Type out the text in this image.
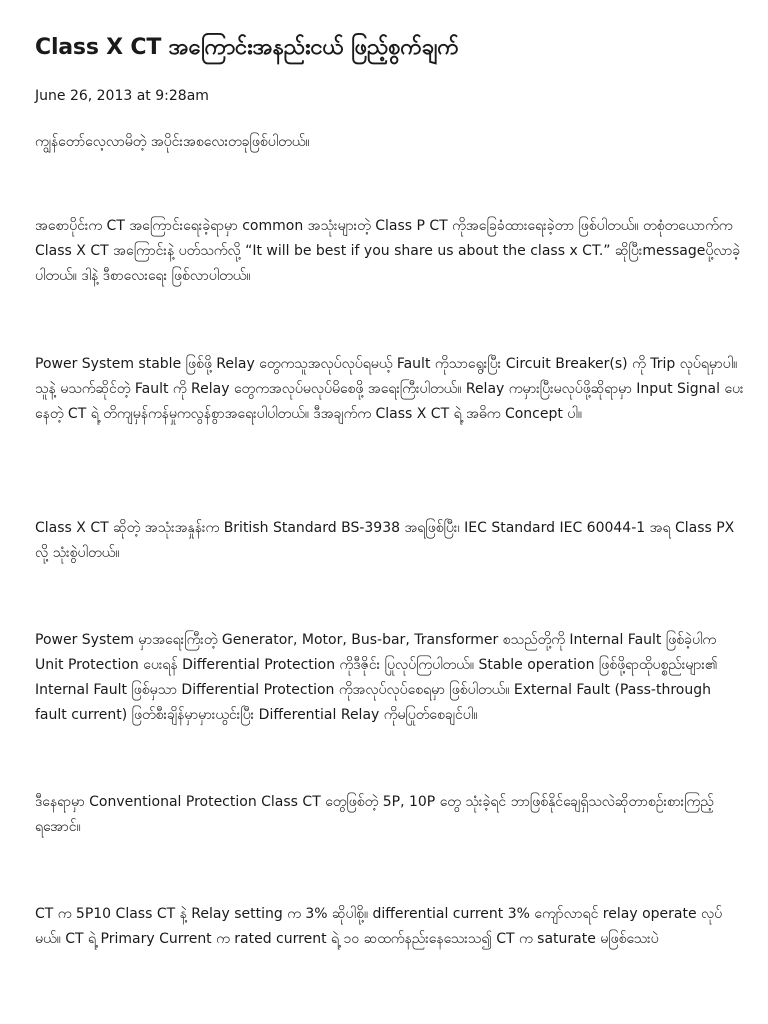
Class X CT အကြောင်းအနည်းငယ် ဖြည့်စွက်ချက်
June 26, 2013 at 9:28am

ကျွန်တော်လေ့လာမိတဲ့ အပိုင်းအစလေးတခုဖြစ်ပါတယ်။

အစောပိုင်းက CT အကြောင်းရေးခဲ့ရာမှာ common အသုံးများတဲ့ Class P CT ကိုအခြေခံထားရေးခဲ့တာ ဖြစ်ပါတယ်။ တစုံတယောက်က Class X CT အကြောင်းနဲ့ ပတ်သက်လို့ “It will be best if you share us about the class x CT.” ဆိုပြီးmessageပို့လာခဲ့ပါတယ်။ ဒါနဲ့ ဒီစာလေးရေး ဖြစ်လာပါတယ်။

Power System stable ဖြစ်ဖို့ Relay တွေကသူအလုပ်လုပ်ရမယ့် Fault ကိုသာရွေးပြီး Circuit Breaker(s) ကို Trip လုပ်ရမှာပါ။ သူနဲ့ မသက်ဆိုင်တဲ့ Fault ကို Relay တွေကအလုပ်မလုပ်မိစေဖို့ အရေးကြီးပါတယ်။ Relay ကမှားပြီးမလုပ်ဖို့ဆိုရာမှာ Input Signal ပေးနေတဲ့ CT ရဲ့ တိကျမှန်ကန်မှုကလွန်စွာအရေးပါပါတယ်။ ဒီအချက်က Class X CT ရဲ့ အဓိက Concept ပါ။

Class X CT ဆိုတဲ့ အသုံးအနှုန်းက British Standard BS-3938 အရဖြစ်ပြီး၊ IEC Standard IEC 60044-1 အရ Class PX လို့ သုံးစွဲပါတယ်။

Power System မှာအရေးကြီးတဲ့ Generator, Motor, Bus-bar, Transformer စသည်တို့ကို Internal Fault ဖြစ်ခဲ့ပါက Unit Protection ပေးရန် Differential Protection ကိုဒီဇိုင်း ပြုလုပ်ကြပါတယ်။ Stable operation ဖြစ်ဖို့ရာထိုပစ္စည်းများ၏ Internal Fault ဖြစ်မှသာ Differential Protection ကိုအလုပ်လုပ်စေရမှာ ဖြစ်ပါတယ်။ External Fault (Pass-through fault current) ဖြတ်စီးချိန်မှာမှားယွင်းပြီး Differential Relay ကိုမပြုတ်စေချင်ပါ။

ဒီနေရာမှာ Conventional Protection Class CT တွေဖြစ်တဲ့ 5P, 10P တွေ သုံးခဲ့ရင် ဘာဖြစ်နိုင်ချေရှိသလဲဆိုတာစဉ်းစားကြည့်ရအောင်။

CT က 5P10 Class CT နဲ့ Relay setting က 3% ဆိုပါစို့။ differential current 3% ကျော်လာရင် relay operate လုပ်မယ်။ CT ရဲ့ Primary Current က rated current ရဲ့ ၁၀ ဆထက်နည်းနေသေးသ၍ CT က saturate မဖြစ်သေးပဲ
